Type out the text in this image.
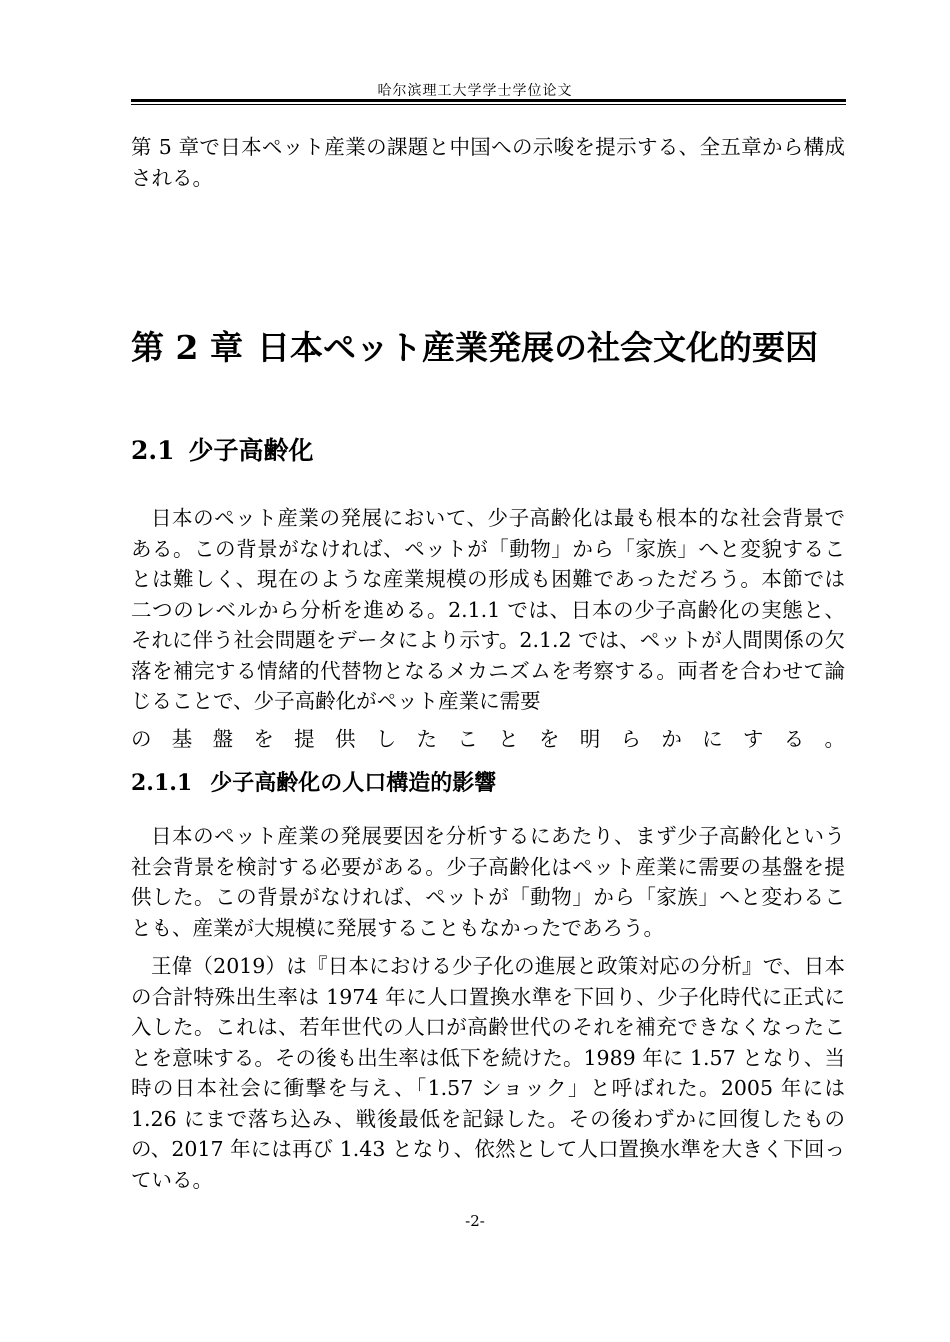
哈尔滨理工大学学士学位论文

第 5 章で日本ペット産業の課題と中国への示唆を提示する、全五章から構成される。

第 2 章 日本ペット産業発展の社会文化的要因
2.1 少子高齢化

日本のペット産業の発展において、少子高齢化は最も根本的な社会背景である。この背景がなければ、ペットが「動物」から「家族」へと変貌することは難しく、現在のような産業規模の形成も困難であっただろう。本節では二つのレベルから分析を進める。2.1.1 では、日本の少子高齢化の実態と、それに伴う社会問題をデータにより示す。2.1.2 では、ペットが人間関係の欠落を補完する情緒的代替物となるメカニズムを考察する。両者を合わせて論じることで、少子高齢化がペット産業に需要

の基盤を提供したことを明らかにする。

2.1.1 少子高齢化の人口構造的影響

日本のペット産業の発展要因を分析するにあたり、まず少子高齢化という社会背景を検討する必要がある。少子高齢化はペット産業に需要の基盤を提供した。この背景がなければ、ペットが「動物」から「家族」へと変わることも、産業が大規模に発展することもなかったであろう。

王偉（2019）は『日本における少子化の進展と政策対応の分析』で、日本の合計特殊出生率は 1974 年に人口置換水準を下回り、少子化時代に正式に入した。これは、若年世代の人口が高齢世代のそれを補充できなくなったことを意味する。その後も出生率は低下を続けた。1989 年に 1.57 となり、当時の日本社会に衝撃を与え、「1.57 ショック」と呼ばれた。2005 年には 1.26 にまで落ち込み、戦後最低を記録した。その後わずかに回復したものの、2017 年には再び 1.43 となり、依然として人口置換水準を大きく下回っている。

-2-
